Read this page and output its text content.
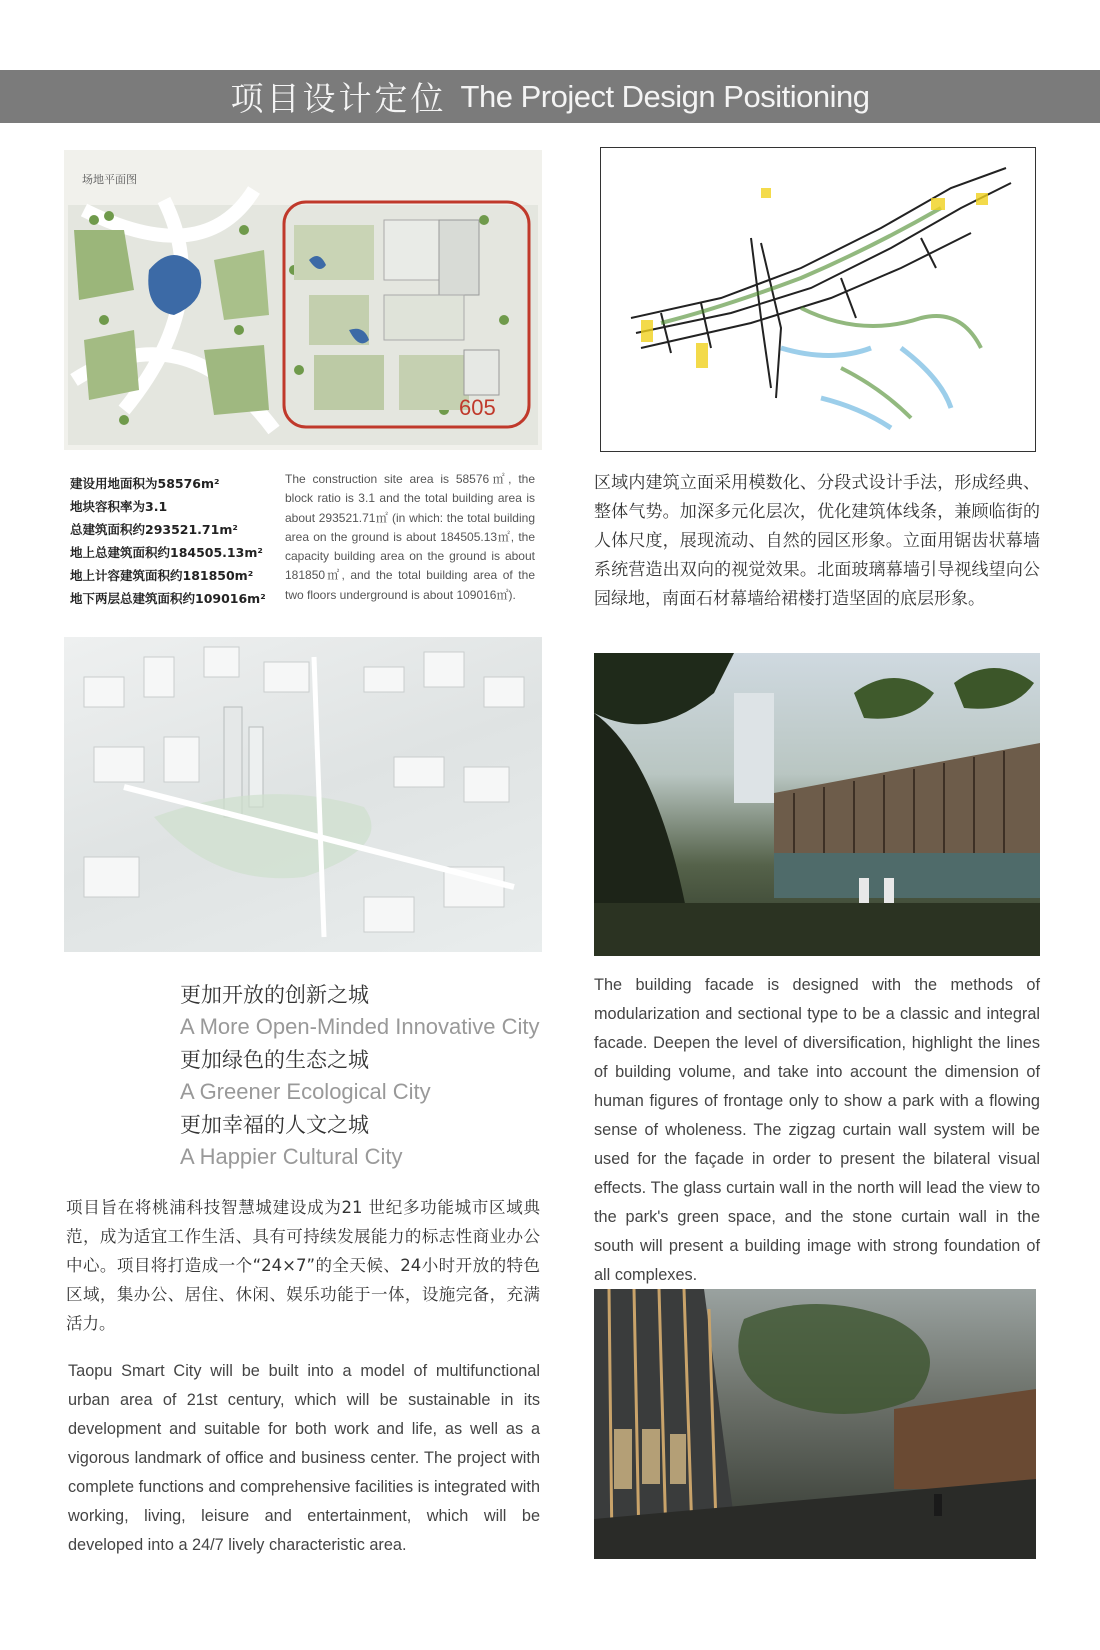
项目设计定位 The Project Design Positioning
605
场地平面图
建设用地面积为58576m²
地块容积率为3.1
总建筑面积约293521.71m²
地上总建筑面积约184505.13m²
地上计容建筑面积约181850m²
地下两层总建筑面积约109016m²
The construction site area is 58576㎡, the block ratio is 3.1 and the total building area is about 293521.71㎡ (in which: the total building area on the ground is about 184505.13㎡, the capacity building area on the ground is about 181850㎡, and the total building area of the two floors underground is about 109016㎡).
区域内建筑立面采用模数化、分段式设计手法，形成经典、整体气势。加深多元化层次，优化建筑体线条，兼顾临街的人体尺度，展现流动、自然的园区形象。立面用锯齿状幕墙系统营造出双向的视觉效果。北面玻璃幕墙引导视线望向公园绿地，南面石材幕墙给裙楼打造坚固的底层形象。
更加开放的创新之城
A More Open-Minded Innovative City
更加绿色的生态之城
A Greener Ecological City
更加幸福的人文之城
A Happier Cultural City
项目旨在将桃浦科技智慧城建设成为21 世纪多功能城市区域典范，成为适宜工作生活、具有可持续发展能力的标志性商业办公中心。项目将打造成一个“24×7”的全天候、24小时开放的特色区域，集办公、居住、休闲、娱乐功能于一体，设施完备，充满活力。
Taopu Smart City will be built into a model of multifunctional urban area of 21st century, which will be sustainable in its development and suitable for both work and life, as well as a vigorous landmark of office and business center. The project with complete functions and comprehensive facilities is integrated with working, living, leisure and entertainment, which will be developed into a 24/7 lively characteristic area.
The building facade is designed with the methods of modularization and sectional type to be a classic and integral facade. Deepen the level of diversification, highlight the lines of building volume, and take into account the dimension of human figures of frontage only to show a park with a flowing sense of wholeness. The zigzag curtain wall system will be used for the façade in order to present the bilateral visual effects. The glass curtain wall in the north will lead the view to the park's green space, and the stone curtain wall in the south will present a building image with strong foundation of all complexes.
